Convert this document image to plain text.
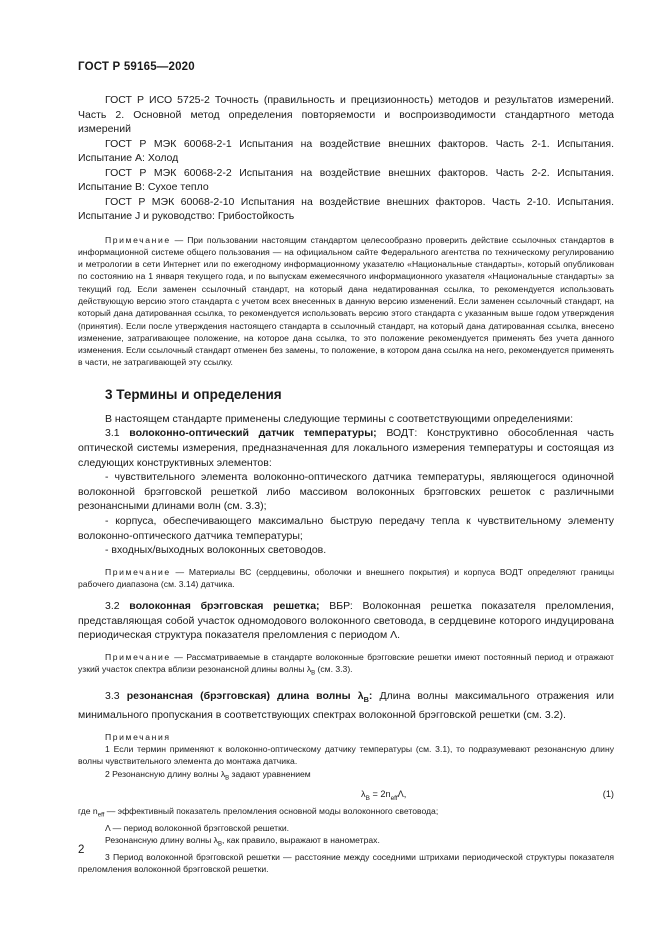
ГОСТ Р 59165—2020

ГОСТ Р ИСО 5725-2 Точность (правильность и прецизионность) методов и результатов измерений. Часть 2. Основной метод определения повторяемости и воспроизводимости стандартного метода измерений

ГОСТ Р МЭК 60068-2-1 Испытания на воздействие внешних факторов. Часть 2-1. Испытания. Испытание А: Холод

ГОСТ Р МЭК 60068-2-2 Испытания на воздействие внешних факторов. Часть 2-2. Испытания. Испытание В: Сухое тепло

ГОСТ Р МЭК 60068-2-10 Испытания на воздействие внешних факторов. Часть 2-10. Испытания. Испытание J и руководство: Грибостойкость

Примечание — При пользовании настоящим стандартом целесообразно проверить действие ссылочных стандартов в информационной системе общего пользования — на официальном сайте Федерального агентства по техническому регулированию и метрологии в сети Интернет или по ежегодному информационному указателю «Национальные стандарты», который опубликован по состоянию на 1 января текущего года, и по выпускам ежемесячного информационного указателя «Национальные стандарты» за текущий год. Если заменен ссылочный стандарт, на который дана недатированная ссылка, то рекомендуется использовать действующую версию этого стандарта с учетом всех внесенных в данную версию изменений. Если заменен ссылочный стандарт, на который дана датированная ссылка, то рекомендуется использовать версию этого стандарта с указанным выше годом утверждения (принятия). Если после утверждения настоящего стандарта в ссылочный стандарт, на который дана датированная ссылка, внесено изменение, затрагивающее положение, на которое дана ссылка, то это положение рекомендуется применять без учета данного изменения. Если ссылочный стандарт отменен без замены, то положение, в котором дана ссылка на него, рекомендуется применять в части, не затрагивающей эту ссылку.

3 Термины и определения

В настоящем стандарте применены следующие термины с соответствующими определениями:

3.1 волоконно-оптический датчик температуры; ВОДТ: Конструктивно обособленная часть оптической системы измерения, предназначенная для локального измерения температуры и состоящая из следующих конструктивных элементов:

- чувствительного элемента волоконно-оптического датчика температуры, являющегося одиночной волоконной брэгговской решеткой либо массивом волоконных брэгговских решеток с различными резонансными длинами волн (см. 3.3);

- корпуса, обеспечивающего максимально быструю передачу тепла к чувствительному элементу волоконно-оптического датчика температуры;

- входных/выходных волоконных световодов.

Примечание — Материалы ВС (сердцевины, оболочки и внешнего покрытия) и корпуса ВОДТ определяют границы рабочего диапазона (см. 3.14) датчика.

3.2 волоконная брэгговская решетка; ВБР: Волоконная решетка показателя преломления, представляющая собой участок одномодового волоконного световода, в сердцевине которого индуцирована периодическая структура показателя преломления с периодом Λ.

Примечание — Рассматриваемые в стандарте волоконные брэгговские решетки имеют постоянный период и отражают узкий участок спектра вблизи резонансной длины волны $\lambda_B$ (см. 3.3).

3.3 резонансная (брэгговская) длина волны $\lambda_B$: Длина волны максимального отражения или минимального пропускания в соответствующих спектрах волоконной брэгговской решетки (см. 3.2).

Примечания

1 Если термин применяют к волоконно-оптическому датчику температуры (см. 3.1), то подразумевают резонансную длину волны чувствительного элемента до монтажа датчика.

2 Резонансную длину волны $\lambda_B$ задают уравнением

$\lambda_B = 2n_{eff}\Lambda$,	(1)

где $n_{eff}$ — эффективный показатель преломления основной моды волоконного световода;

Λ — период волоконной брэгговской решетки.

Резонансную длину волны $\lambda_B$, как правило, выражают в нанометрах.

3 Период волоконной брэгговской решетки — расстояние между соседними штрихами периодической структуры показателя преломления волоконной брэгговской решетки.

2
